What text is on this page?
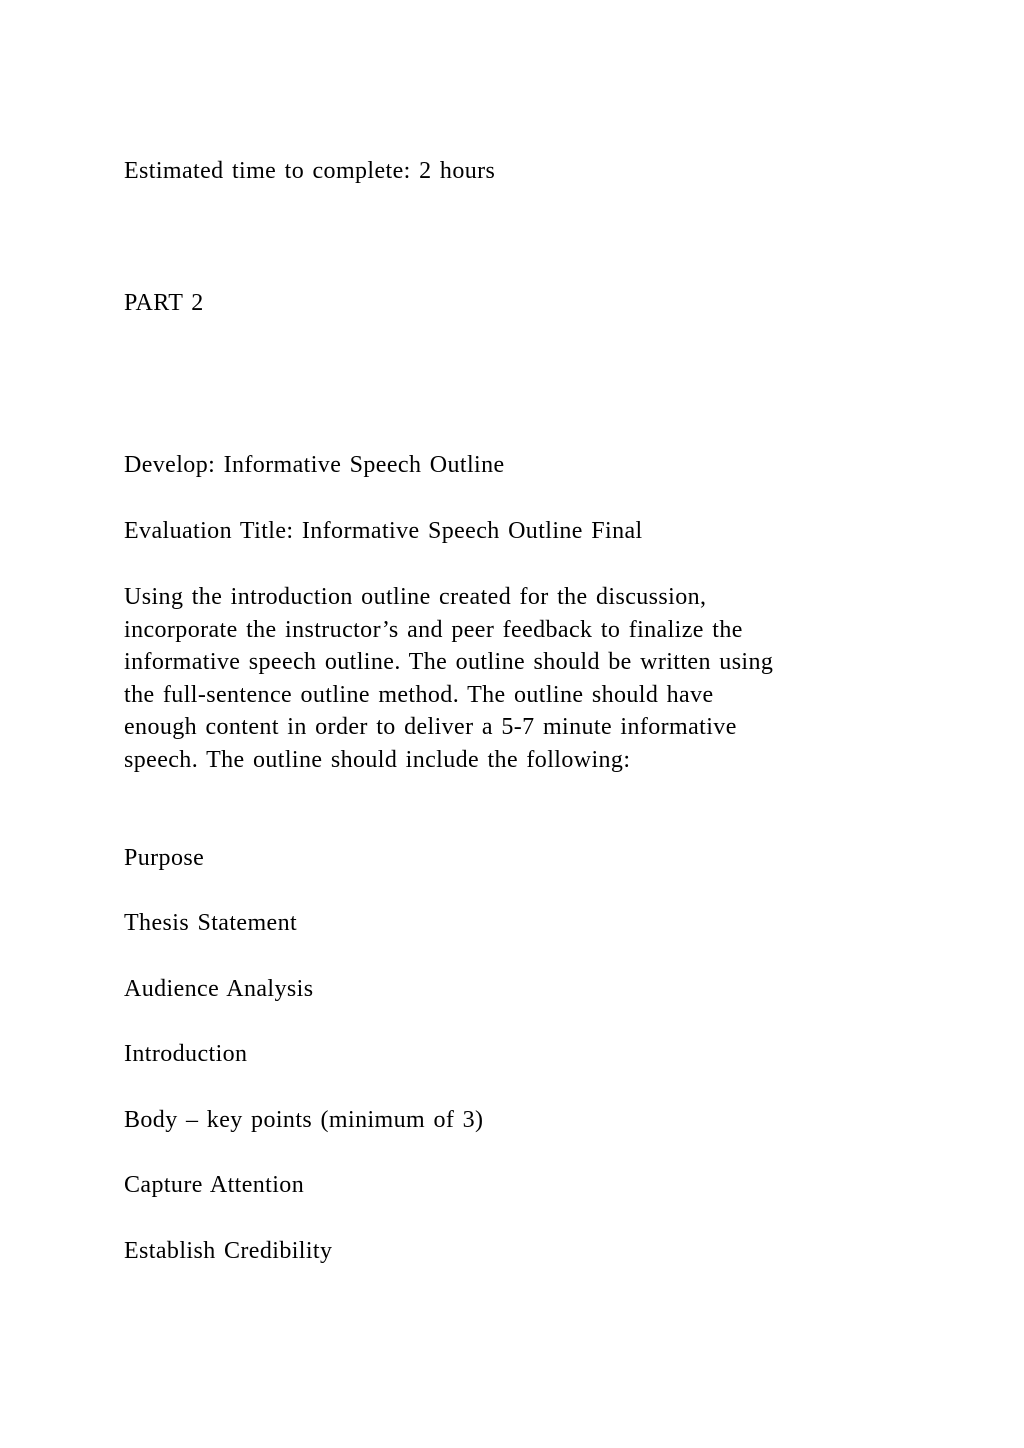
Estimated time to complete: 2 hours

PART 2

Develop: Informative Speech Outline

Evaluation Title: Informative Speech Outline Final

Using the introduction outline created for the discussion,
incorporate the instructor’s and peer feedback to finalize the
informative speech outline. The outline should be written using
the full-sentence outline method. The outline should have
enough content in order to deliver a 5-7 minute informative
speech. The outline should include the following:

Purpose

Thesis Statement

Audience Analysis

Introduction

Body – key points (minimum of 3)

Capture Attention

Establish Credibility
